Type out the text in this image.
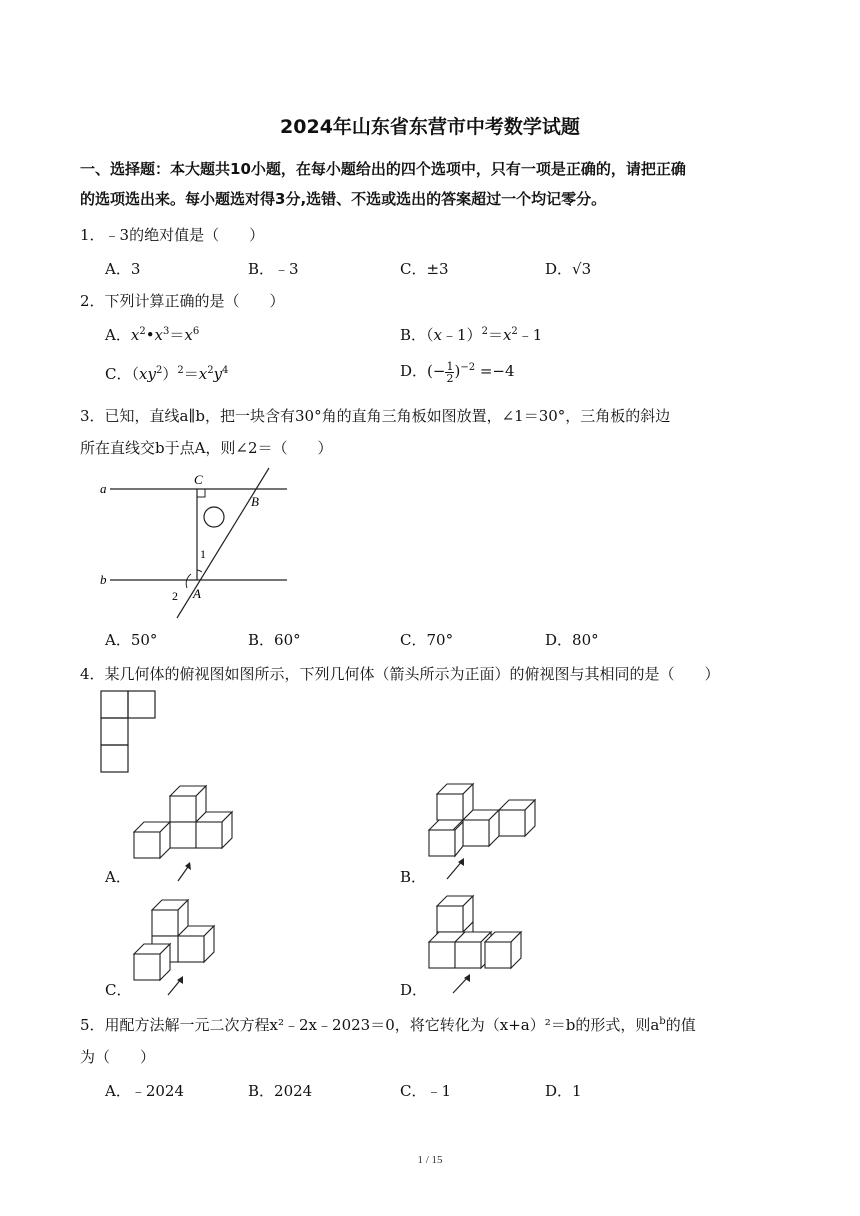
2024年山东省东营市中考数学试题
一、选择题：本大题共10小题，在每小题给出的四个选项中，只有一项是正确的，请把正确
的选项选出来。每小题选对得3分,选错、不选或选出的答案超过一个均记零分。
1．﹣3的绝对值是（　　）
A．3	B．﹣3	C．±3	D．√3
2．下列计算正确的是（　　）
A．$x^2•x^3=x^6$	B．$(x﹣1)^2=x^2﹣1$
C．$(xy^2)^2=x^2y^4$	D．(− $\frac{1}{2} )^{-2} =-4$
3．已知，直线a∥b，把一块含有30°角的直角三角板如图放置，∠1＝30°，三角板的斜边
所在直线交b于点A，则∠2＝（　　）
a
b
C
B
A
1
2
A．50°	B．60°	C．70°	D．80°
4．某几何体的俯视图如图所示，下列几何体（箭头所示为正面）的俯视图与其相同的是（　　）
A．	B．
C．	D．
5．用配方法解一元二次方程x²﹣2x﹣2023＝0，将它转化为（x+a）²＝b的形式，则$a^b$的值
为（　　）
A．﹣2024	B．2024	C．﹣1	D．1
1 / 15
